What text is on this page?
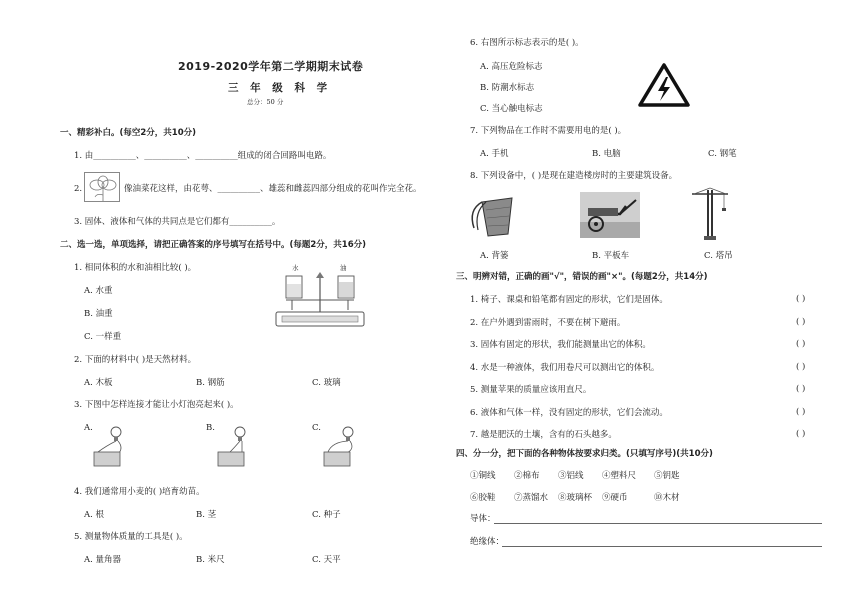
2019-2020学年第二学期期末试卷
三 年 级 科 学
总分：50 分
一、精彩补白。(每空2分，共10分)
1. 由__________、__________、__________组成的闭合回路叫电路。
2.	像油菜花这样，由花萼、__________、雄蕊和雌蕊四部分组成的花叫作完全花。
3. 固体、液体和气体的共同点是它们都有__________。
二、选一选，单项选择，请把正确答案的序号填写在括号中。(每题2分，共16分)
1. 相同体积的水和油相比较( )。
A. 水重
B. 油重
C. 一样重
水	油
2. 下面的材料中( )是天然材料。
A. 木板	B. 钢筋	C. 玻璃
3. 下图中怎样连接才能让小灯泡亮起来( )。
A.	B.	C.
4. 我们通常用小麦的( )培育幼苗。
A. 根	B. 茎	C. 种子
5. 测量物体质量的工具是( )。
A. 量角器	B. 米尺	C. 天平
6. 右图所示标志表示的是( )。
A. 高压危险标志
B. 防潮水标志
C. 当心触电标志
7. 下列物品在工作时不需要用电的是( )。
A. 手机	B. 电脑	C. 钢笔
8. 下列设备中，( )是现在建造楼房时的主要建筑设备。
A. 背篓	B. 平板车	C. 塔吊
三、明辨对错，正确的画"√"，错误的画"×"。(每题2分，共14分)
1. 椅子、课桌和铅笔都有固定的形状，它们是固体。	( )
2. 在户外遇到雷雨时，不要在树下避雨。	( )
3. 固体有固定的形状，我们能测量出它的体积。	( )
4. 水是一种液体，我们用卷尺可以测出它的体积。	( )
5. 测量苹果的质量应该用直尺。	( )
6. 液体和气体一样，没有固定的形状，它们会流动。	( )
7. 越是肥沃的土壤，含有的石头越多。	( )
四、分一分，把下面的各种物体按要求归类。(只填写序号)(共10分)
①铜线 ②棉布 ③铝线 ④塑料尺 ⑤钥匙
⑥胶鞋 ⑦蒸馏水 ⑧玻璃杯 ⑨硬币	⑩木材
导体：
绝缘体：
